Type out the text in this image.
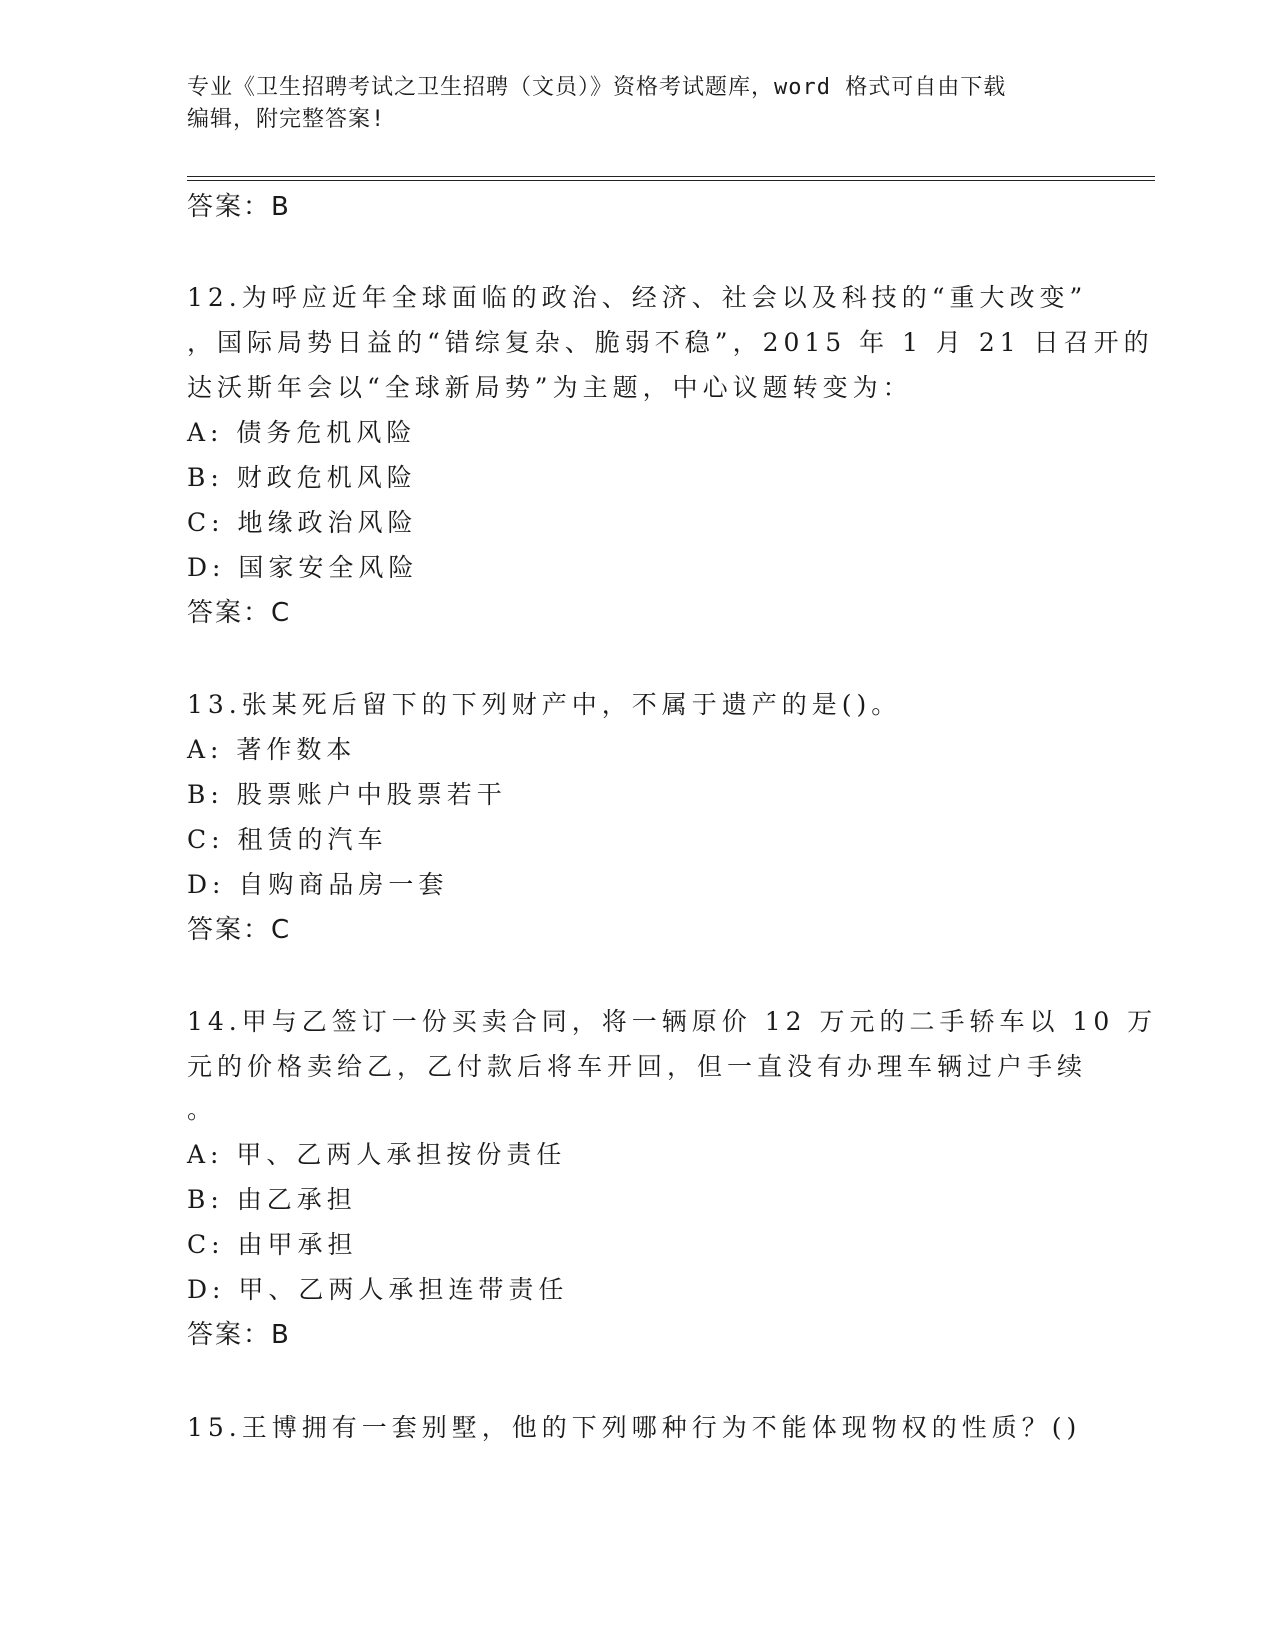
专业《卫生招聘考试之卫生招聘（文员）》资格考试题库，word 格式可自由下载
编辑，附完整答案!
答案：B
12.为呼应近年全球面临的政治、经济、社会以及科技的“重大改变”
，国际局势日益的“错综复杂、脆弱不稳”，2015 年 1 月 21 日召开的
达沃斯年会以“全球新局势”为主题，中心议题转变为：
A: 债务危机风险
B: 财政危机风险
C: 地缘政治风险
D: 国家安全风险
答案：C
13.张某死后留下的下列财产中，不属于遗产的是()。
A: 著作数本
B: 股票账户中股票若干
C: 租赁的汽车
D: 自购商品房一套
答案：C
14.甲与乙签订一份买卖合同，将一辆原价 12 万元的二手轿车以 10 万
元的价格卖给乙，乙付款后将车开回，但一直没有办理车辆过户手续
。
A: 甲、乙两人承担按份责任
B: 由乙承担
C: 由甲承担
D: 甲、乙两人承担连带责任
答案：B
15.王博拥有一套别墅，他的下列哪种行为不能体现物权的性质？()
